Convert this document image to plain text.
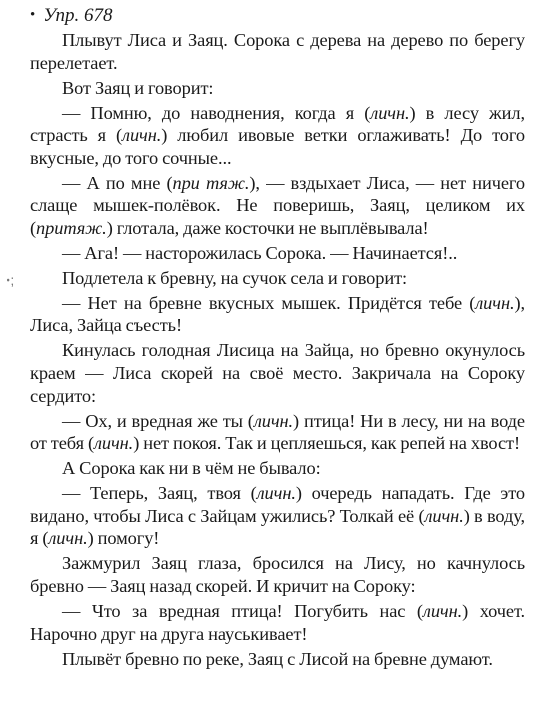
• Упр. 678

Плывут Лиса и Заяц. Сорока с дерева на дерево по берегу перелетает.

Вот Заяц и говорит:

— Помню, до наводнения, когда я (личн.) в лесу жил, страсть я (личн.) любил ивовые ветки оглаживать! До того вкусные, до того сочные...

— А по мне (при тяж.), — вздыхает Лиса, — нет ничего слаще мышек-полёвок. Не поверишь, Заяц, целиком их (притяж.) глотала, даже косточки не выплёвывала!

— Ага! — насторожилась Сорока. — Начинается!..

Подлетела к бревну, на сучок села и говорит:

— Нет на бревне вкусных мышек. Придётся тебе (личн.), Лиса, Зайца съесть!

Кинулась голодная Лисица на Зайца, но бревно окунулось краем — Лиса скорей на своё место. Закричала на Сороку сердито:

— Ох, и вредная же ты (личн.) птица! Ни в лесу, ни на воде от тебя (личн.) нет покоя. Так и цепляешься, как репей на хвост!

А Сорока как ни в чём не бывало:

— Теперь, Заяц, твоя (личн.) очередь нападать. Где это видано, чтобы Лиса с Зайцам ужились? Толкай её (личн.) в воду, я (личн.) помогу!

Зажмурил Заяц глаза, бросился на Лису, но качнулось бревно — Заяц назад скорей. И кричит на Сороку:

— Что за вредная птица! Погубить нас (личн.) хочет. Нарочно друг на друга науськивает!

Плывёт бревно по реке, Заяц с Лисой на бревне думают.

ꞏ;
